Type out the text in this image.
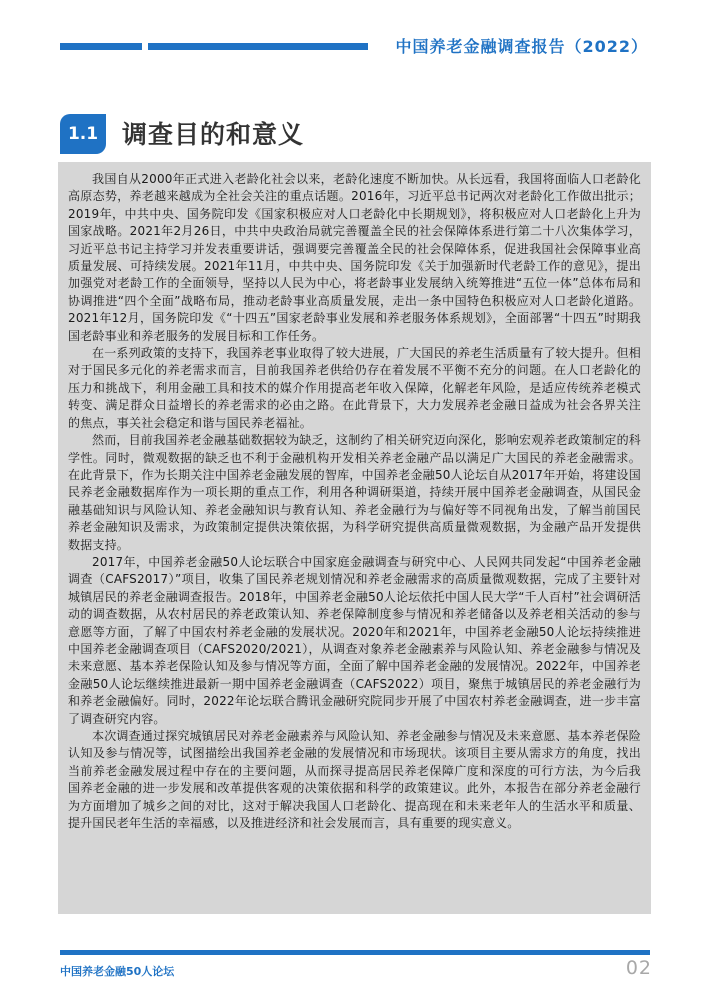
中国养老金融调查报告（2022）
1.1 调查目的和意义

我国自从2000年正式进入老龄化社会以来，老龄化速度不断加快。从长远看，我国将面临人口老龄化高原态势，养老越来越成为全社会关注的重点话题。2016年，习近平总书记两次对老龄化工作做出批示；2019年，中共中央、国务院印发《国家积极应对人口老龄化中长期规划》，将积极应对人口老龄化上升为国家战略。2021年2月26日，中共中央政治局就完善覆盖全民的社会保障体系进行第二十八次集体学习，习近平总书记主持学习并发表重要讲话，强调要完善覆盖全民的社会保障体系，促进我国社会保障事业高质量发展、可持续发展。2021年11月，中共中央、国务院印发《关于加强新时代老龄工作的意见》，提出加强党对老龄工作的全面领导，坚持以人民为中心，将老龄事业发展纳入统筹推进“五位一体”总体布局和协调推进“四个全面”战略布局，推动老龄事业高质量发展，走出一条中国特色积极应对人口老龄化道路。2021年12月，国务院印发《“十四五”国家老龄事业发展和养老服务体系规划》，全面部署“十四五”时期我国老龄事业和养老服务的发展目标和工作任务。

在一系列政策的支持下，我国养老事业取得了较大进展，广大国民的养老生活质量有了较大提升。但相对于国民多元化的养老需求而言，目前我国养老供给仍存在着发展不平衡不充分的问题。在人口老龄化的压力和挑战下，利用金融工具和技术的媒介作用提高老年收入保障，化解老年风险，是适应传统养老模式转变、满足群众日益增长的养老需求的必由之路。在此背景下，大力发展养老金融日益成为社会各界关注的焦点，事关社会稳定和谐与国民养老福祉。

然而，目前我国养老金融基础数据较为缺乏，这制约了相关研究迈向深化，影响宏观养老政策制定的科学性。同时，微观数据的缺乏也不利于金融机构开发相关养老金融产品以满足广大国民的养老金融需求。在此背景下，作为长期关注中国养老金融发展的智库，中国养老金融50人论坛自从2017年开始，将建设国民养老金融数据库作为一项长期的重点工作，利用各种调研渠道，持续开展中国养老金融调查，从国民金融基础知识与风险认知、养老金融知识与教育认知、养老金融行为与偏好等不同视角出发，了解当前国民养老金融知识及需求，为政策制定提供决策依据，为科学研究提供高质量微观数据，为金融产品开发提供数据支持。

2017年，中国养老金融50人论坛联合中国家庭金融调查与研究中心、人民网共同发起“中国养老金融调查（CAFS2017）”项目，收集了国民养老规划情况和养老金融需求的高质量微观数据，完成了主要针对城镇居民的养老金融调查报告。2018年，中国养老金融50人论坛依托中国人民大学“千人百村”社会调研活动的调查数据，从农村居民的养老政策认知、养老保障制度参与情况和养老储备以及养老相关活动的参与意愿等方面，了解了中国农村养老金融的发展状况。2020年和2021年，中国养老金融50人论坛持续推进中国养老金融调查项目（CAFS2020/2021），从调查对象养老金融素养与风险认知、养老金融参与情况及未来意愿、基本养老保险认知及参与情况等方面，全面了解中国养老金融的发展情况。2022年，中国养老金融50人论坛继续推进最新一期中国养老金融调查（CAFS2022）项目，聚焦于城镇居民的养老金融行为和养老金融偏好。同时，2022年论坛联合腾讯金融研究院同步开展了中国农村养老金融调查，进一步丰富了调查研究内容。

本次调查通过探究城镇居民对养老金融素养与风险认知、养老金融参与情况及未来意愿、基本养老保险认知及参与情况等，试图描绘出我国养老金融的发展情况和市场现状。该项目主要从需求方的角度，找出当前养老金融发展过程中存在的主要问题，从而探寻提高居民养老保障广度和深度的可行方法，为今后我国养老金融的进一步发展和改革提供客观的决策依据和科学的政策建议。此外，本报告在部分养老金融行为方面增加了城乡之间的对比，这对于解决我国人口老龄化、提高现在和未来老年人的生活水平和质量、提升国民老年生活的幸福感，以及推进经济和社会发展而言，具有重要的现实意义。

中国养老金融50人论坛	02
